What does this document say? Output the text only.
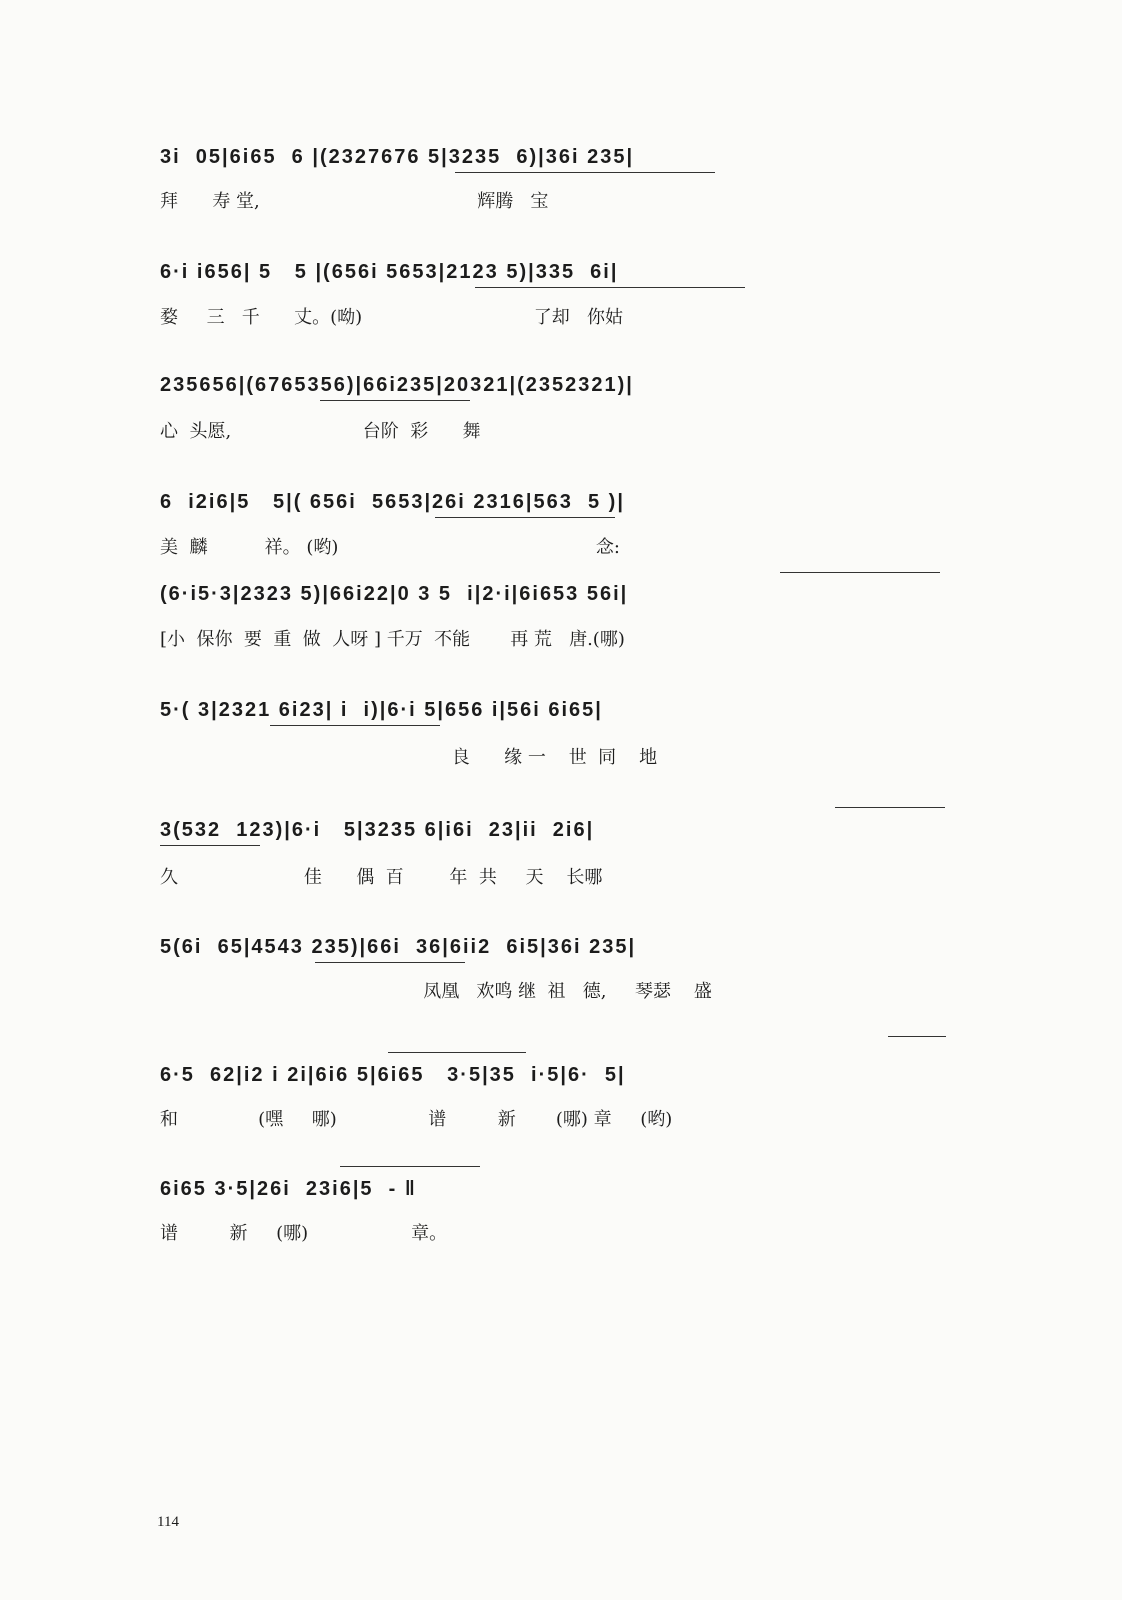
3i  05|6i65  6 |(2327676 5|3235  6)|36i 235|
拜      寿 堂,                                      辉腾   宝
6·i i656| 5   5 |(656i 5653|2123 5)|335  6i|
婺     三   千      丈。(呦)                              了却   你姑
235656|(6765356)|66i235|20321|(2352321)|
心  头愿,                       台阶  彩      舞
6  i2i6|5   5|( 656i  5653|26i 2316|563  5 )|
美  麟          祥。 (哟)                                             念:
(6·i5·3|2323 5)|66i22|0 3 5  i|2·i|6i653 56i|
[小  保你  要  重  做  人呀 ] 千万  不能       再 荒   唐.(哪)
5·( 3|2321 6i23| i  i)|6·i 5|656 i|56i 6i65|
良      缘 一    世  同    地
3(532  123)|6·i   5|3235 6|i6i  23|ii  2i6|
久                      佳      偶  百        年  共     天    长哪
5(6i  65|4543 235)|66i  36|6ii2  6i5|36i 235|
凤凰   欢鸣 继  祖   德,     琴瑟    盛
6·5  62|i2 i 2i|6i6 5|6i65   3·5|35  i·5|6·  5|
和              (嘿     哪)                谱         新       (哪) 章     (哟)
6i65 3·5|26i  23i6|5  - ‖
谱         新     (哪)                  章。
114
